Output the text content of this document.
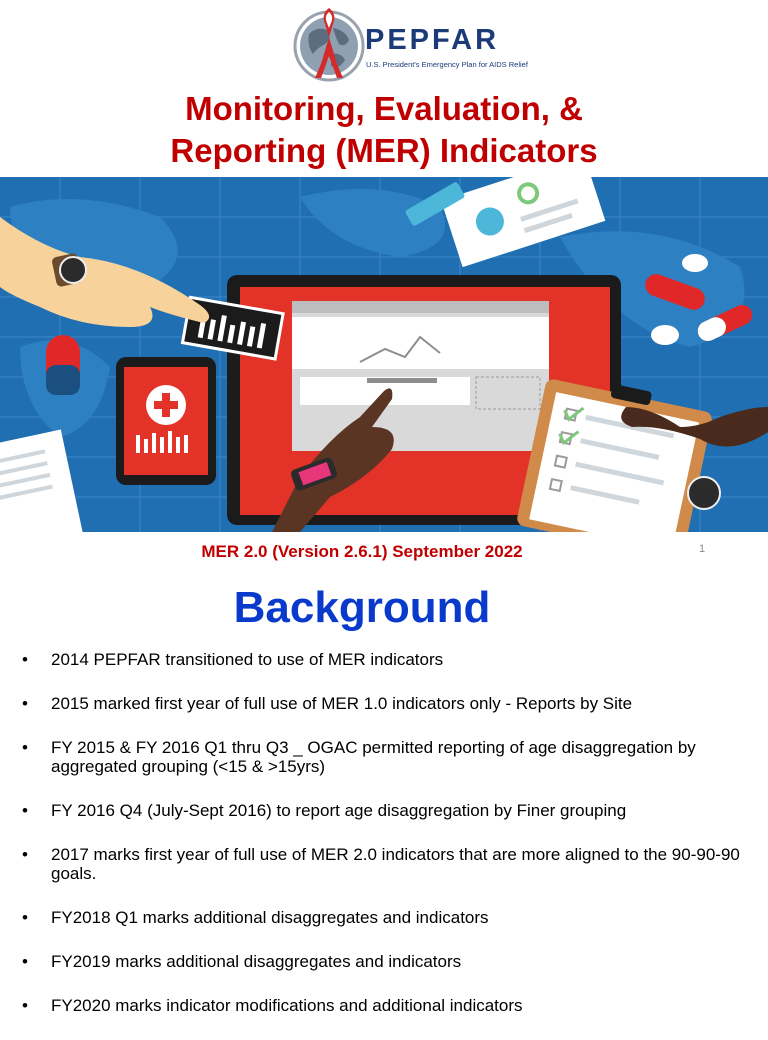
PEPFAR
U.S. President's Emergency Plan for AIDS Relief
Monitoring, Evaluation, &
Reporting (MER) Indicators
MER 2.0 (Version 2.6.1) September 2022	1
Background
• 2014 PEPFAR transitioned to use of MER indicators
• 2015 marked first year of full use of MER 1.0 indicators only - Reports by Site
• FY 2015 & FY 2016 Q1 thru Q3 _ OGAC permitted reporting of age disaggregation by aggregated grouping (<15 & >15yrs)
• FY 2016 Q4 (July-Sept 2016) to report age disaggregation by Finer grouping
• 2017 marks first year of full use of MER 2.0 indicators that are more aligned to the 90-90-90 goals.
• FY2018 Q1 marks additional disaggregates and indicators
• FY2019 marks additional disaggregates and indicators
• FY2020 marks indicator modifications and additional indicators
